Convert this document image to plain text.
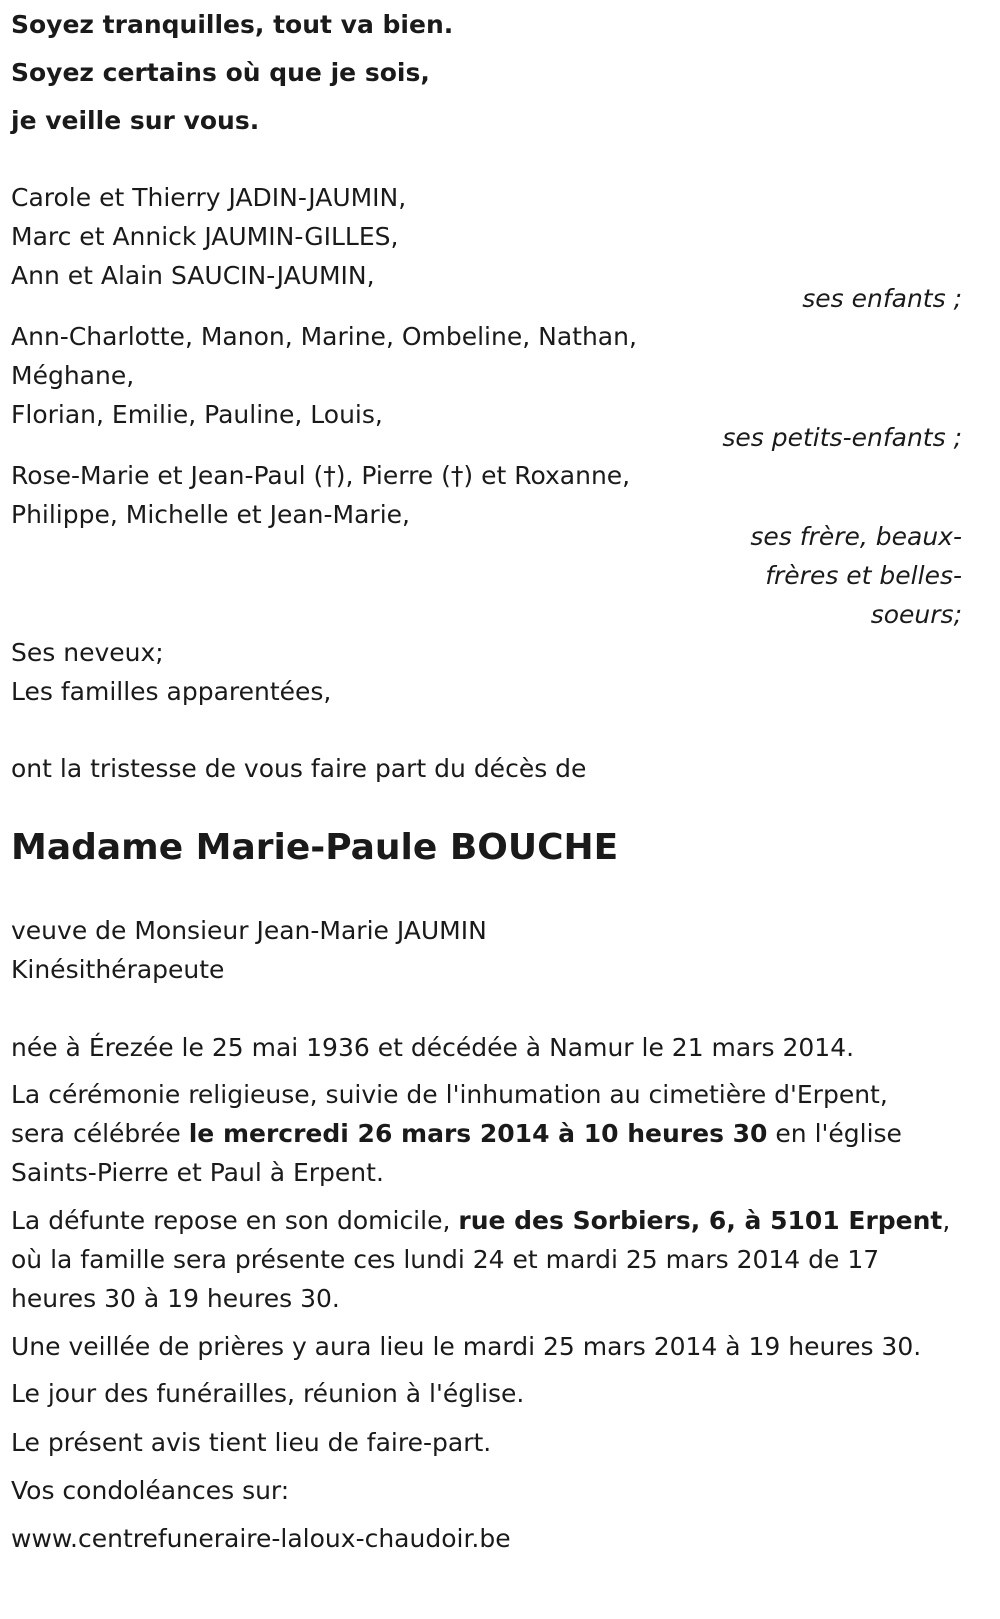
Soyez tranquilles, tout va bien.
Soyez certains où que je sois,
je veille sur vous.
Carole et Thierry JADIN-JAUMIN,
Marc et Annick JAUMIN-GILLES,
Ann et Alain SAUCIN-JAUMIN,
ses enfants ;
Ann-Charlotte, Manon, Marine, Ombeline, Nathan,
Méghane,
Florian, Emilie, Pauline, Louis,
ses petits-enfants ;
Rose-Marie et Jean-Paul (†), Pierre (†) et Roxanne,
Philippe, Michelle et Jean-Marie,
ses frère, beaux-
frères et belles-
soeurs;
Ses neveux;
Les familles apparentées,
ont la tristesse de vous faire part du décès de
Madame Marie-Paule BOUCHE
veuve de Monsieur Jean-Marie JAUMIN
Kinésithérapeute
née à Érezée le 25 mai 1936 et décédée à Namur le 21 mars 2014.
La cérémonie religieuse, suivie de l'inhumation au cimetière d'Erpent,
sera célébrée le mercredi 26 mars 2014 à 10 heures 30 en l'église
Saints-Pierre et Paul à Erpent.
La défunte repose en son domicile, rue des Sorbiers, 6, à 5101 Erpent,
où la famille sera présente ces lundi 24 et mardi 25 mars 2014 de 17
heures 30 à 19 heures 30.
Une veillée de prières y aura lieu le mardi 25 mars 2014 à 19 heures 30.
Le jour des funérailles, réunion à l'église.
Le présent avis tient lieu de faire-part.
Vos condoléances sur:
www.centrefuneraire-laloux-chaudoir.be
